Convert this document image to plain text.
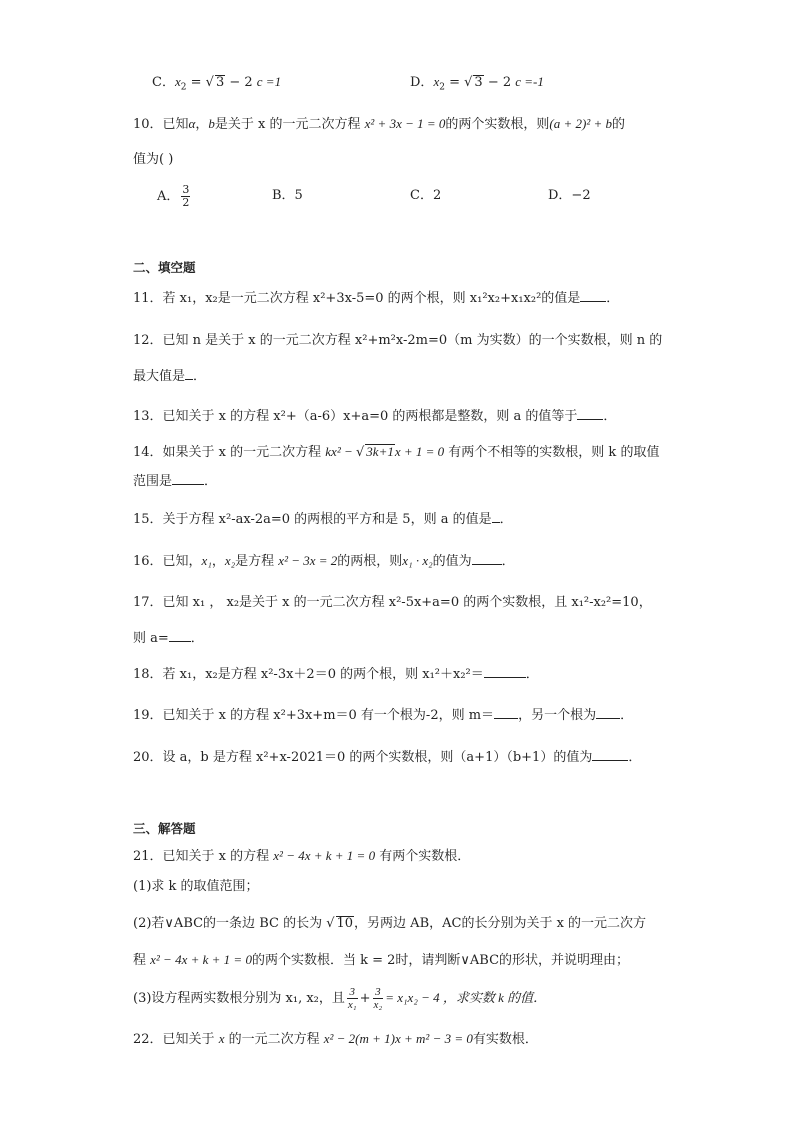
C．$x_2$ = √ 3 − 2 c =1	D．$x_2$ = √ 3 − 2 c =-1
10．已知α，b是关于 x 的一元二次方程 x² + 3x − 1 = 0的两个实数根，则(a + 2)² + b的
值为( )
A． $\frac{3}{2}$	B．5	C．2	D．−2
二、填空题
11．若 x₁，x₂是一元二次方程 x²+3x-5=0 的两个根，则 x₁²x₂+x₁x₂²的值是 ．
12．已知 n 是关于 x 的一元二次方程 x²+m²x-2m=0（m 为实数）的一个实数根，则 n 的
最大值是 ．
13．已知关于 x 的方程 x²+（a-6）x+a=0 的两根都是整数，则 a 的值等于 ．
14．如果关于 x 的一元二次方程 kx² − √ 3k+1x + 1 = 0 有两个不相等的实数根，则 k 的取值
范围是 ．
15．关于方程 x²-ax-2a=0 的两根的平方和是 5，则 a 的值是 ．
16．已知，x₁，x₂是方程 x² − 3x = 2的两根，则x₁ · x₂的值为 ．
17．已知 x₁ ， x₂是关于 x 的一元二次方程 x²-5x+a=0 的两个实数根，且 x₁²-x₂²=10，
则 a= ．
18．若 x₁，x₂是方程 x²-3x＋2＝0 的两个根，则 x₁²＋x₂²＝	．
19．已知关于 x 的方程 x²+3x+m＝0 有一个根为-2，则 m＝ ，另一个根为 ．
20．设 a，b 是方程 x²+x-2021＝0 的两个实数根，则（a+1）（b+1）的值为	．
三、解答题
21．已知关于 x 的方程 x² − 4x + k + 1 = 0 有两个实数根．
(1)求 k 的取值范围；
(2)若∨ABC的一条边 BC 的长为 √ 10，另两边 AB，AC的长分别为关于 x 的一元二次方
程 x² − 4x + k + 1 = 0的两个实数根．当 k = 2时，请判断∨ABC的形状，并说明理由；
(3)设方程两实数根分别为 x₁, x₂，且 $\frac{3}{\text{x₁}} + \frac{3}{\text{x₂}} = x_1x_2 - 4$ ，求实数 k 的值．
22．已知关于 x 的一元二次方程 x² − 2(m + 1)x + m² − 3 = 0有实数根．
